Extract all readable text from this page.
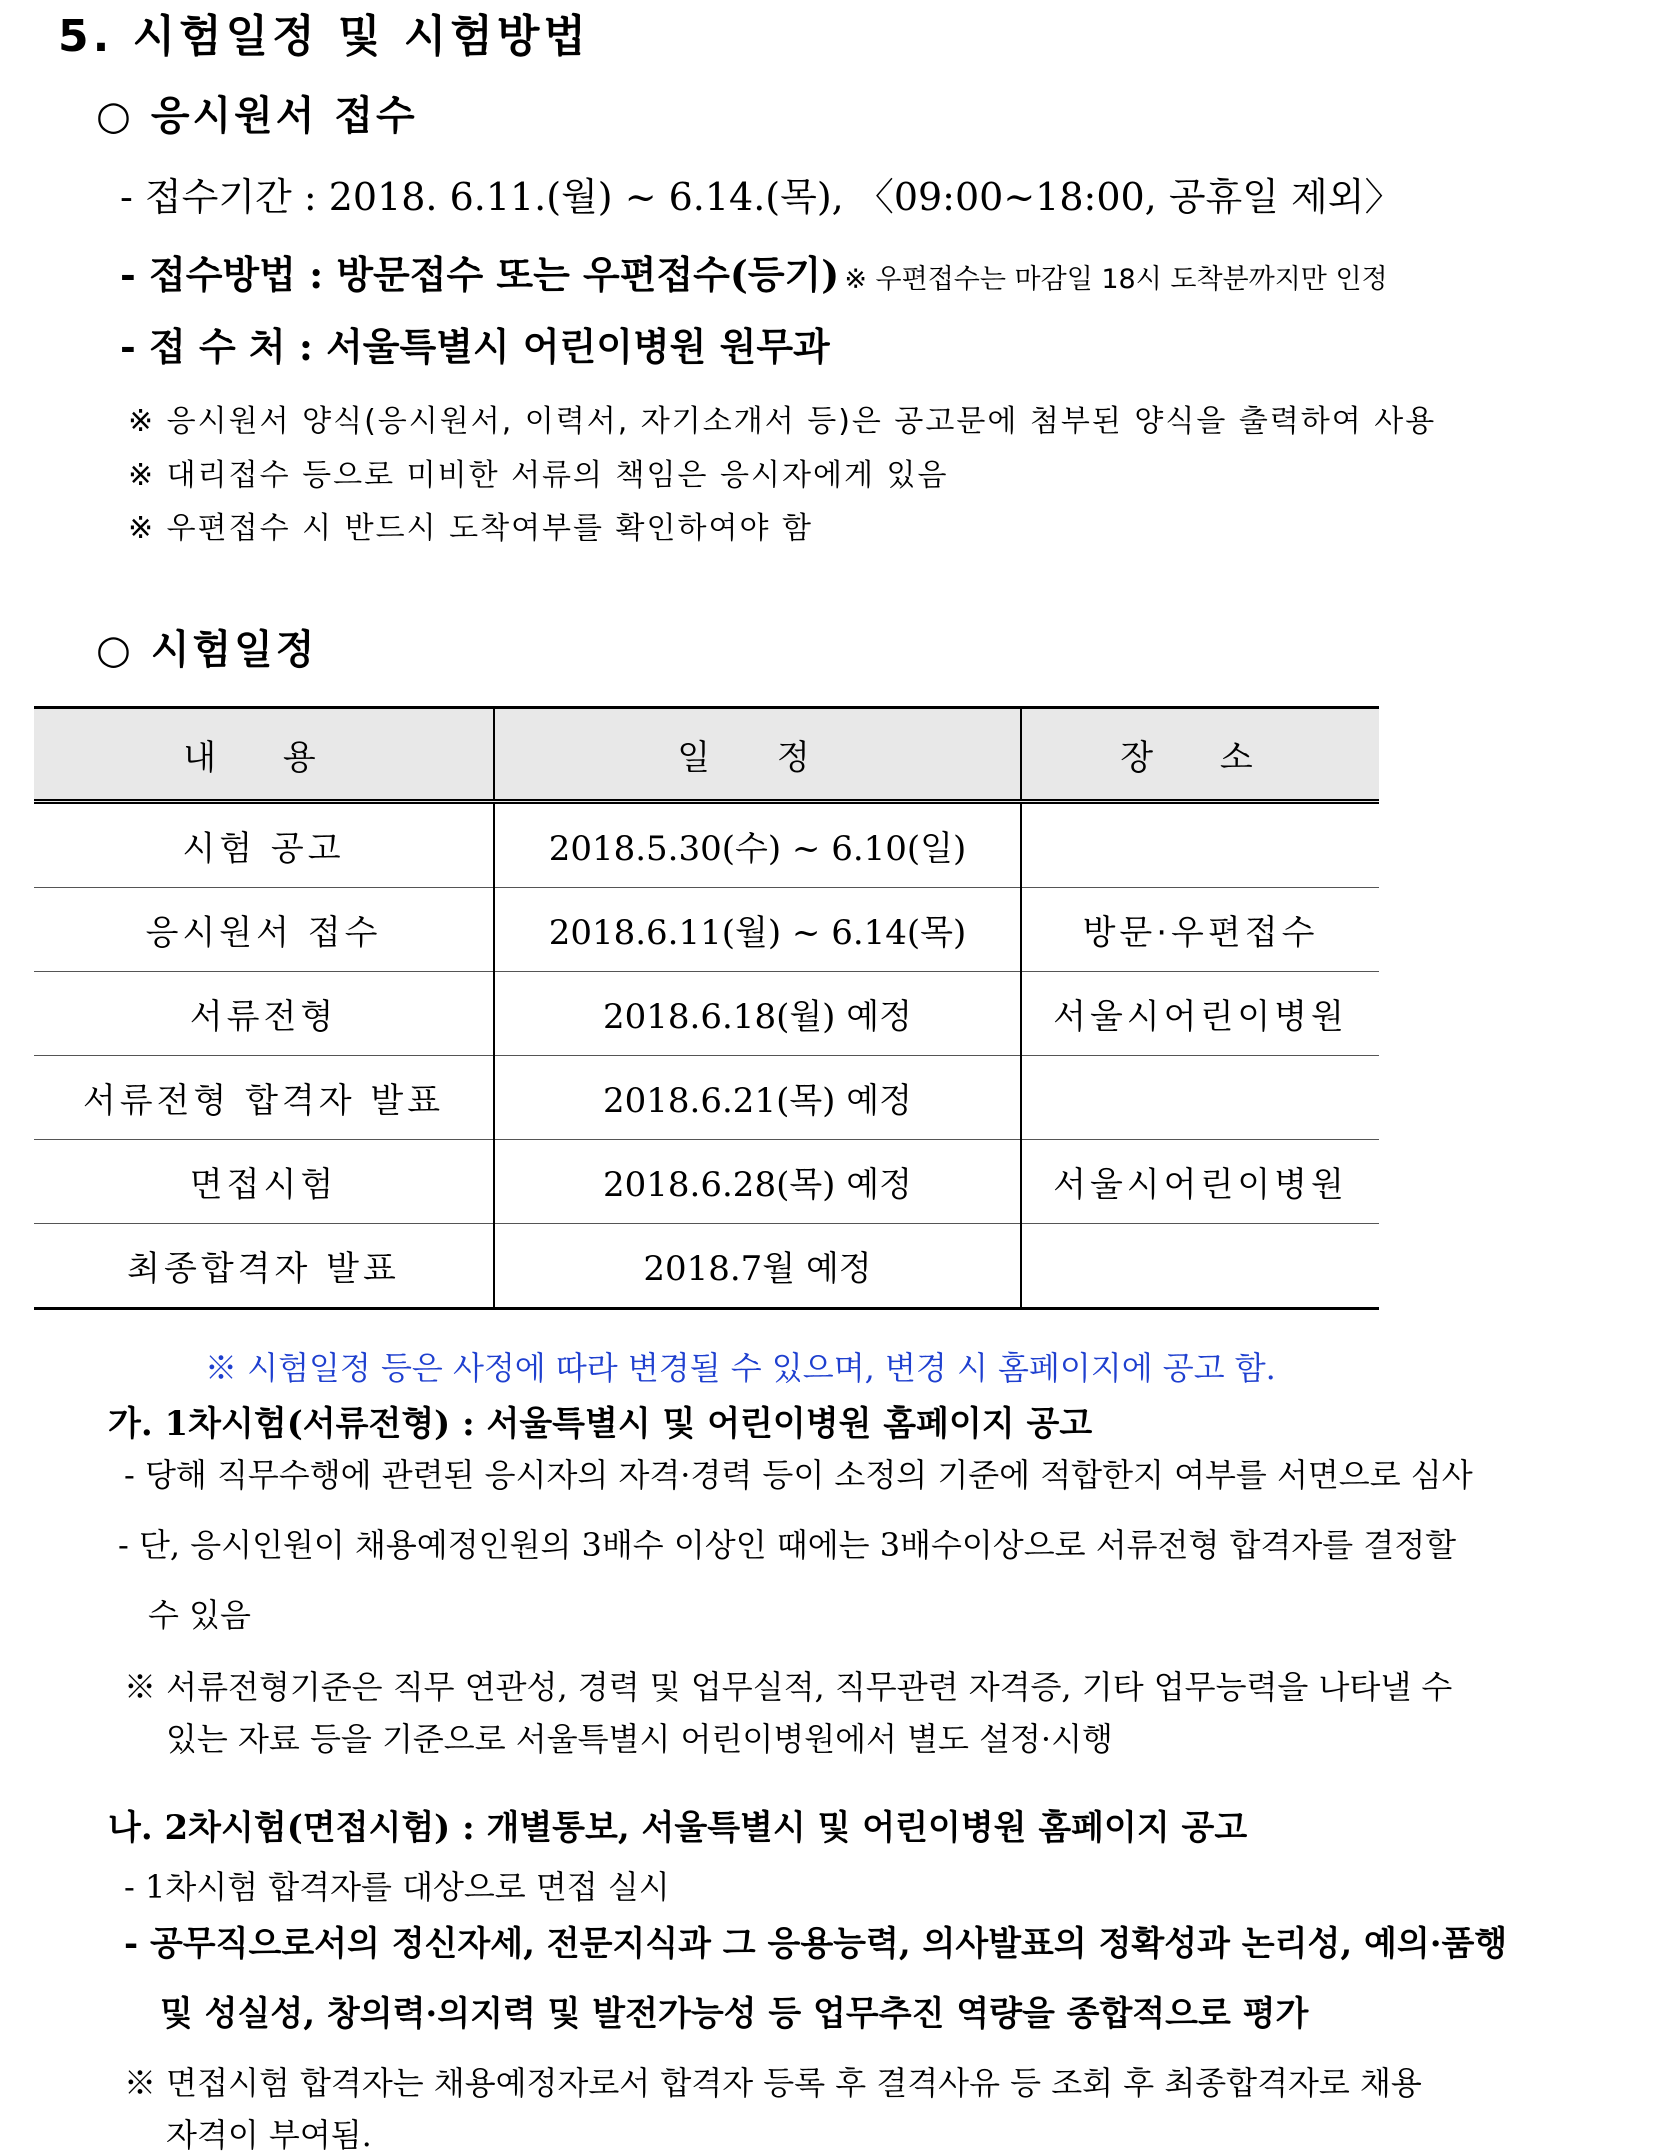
5. 시험일정 및 시험방법
○ 응시원서 접수
- 접수기간 : 2018. 6.11.(월) ~ 6.14.(목), 〈09:00~18:00, 공휴일 제외〉
- 접수방법 : 방문접수 또는 우편접수(등기) ※ 우편접수는 마감일 18시 도착분까지만 인정
- 접 수 처 : 서울특별시 어린이병원 원무과
※ 응시원서 양식(응시원서, 이력서, 자기소개서 등)은 공고문에 첨부된 양식을 출력하여 사용
※ 대리접수 등으로 미비한 서류의 책임은 응시자에게 있음
※ 우편접수 시 반드시 도착여부를 확인하여야 함
○ 시험일정
내 용	일 정	장 소
시험 공고	2018.5.30(수) ~ 6.10(일)	
응시원서 접수	2018.6.11(월) ~ 6.14(목)	방문·우편접수
서류전형	2018.6.18(월) 예정	서울시어린이병원
서류전형 합격자 발표	2018.6.21(목) 예정	
면접시험	2018.6.28(목) 예정	서울시어린이병원
최종합격자 발표	2018.7월 예정	
※ 시험일정 등은 사정에 따라 변경될 수 있으며, 변경 시 홈페이지에 공고 함.
가. 1차시험(서류전형) : 서울특별시 및 어린이병원 홈페이지 공고
- 당해 직무수행에 관련된 응시자의 자격·경력 등이 소정의 기준에 적합한지 여부를 서면으로 심사
- 단, 응시인원이 채용예정인원의 3배수 이상인 때에는 3배수이상으로 서류전형 합격자를 결정할
수 있음
※ 서류전형기준은 직무 연관성, 경력 및 업무실적, 직무관련 자격증, 기타 업무능력을 나타낼 수
있는 자료 등을 기준으로 서울특별시 어린이병원에서 별도 설정·시행
나. 2차시험(면접시험) : 개별통보, 서울특별시 및 어린이병원 홈페이지 공고
- 1차시험 합격자를 대상으로 면접 실시
- 공무직으로서의 정신자세, 전문지식과 그 응용능력, 의사발표의 정확성과 논리성, 예의·품행
및 성실성, 창의력·의지력 및 발전가능성 등 업무추진 역량을 종합적으로 평가
※ 면접시험 합격자는 채용예정자로서 합격자 등록 후 결격사유 등 조회 후 최종합격자로 채용
자격이 부여됨.
